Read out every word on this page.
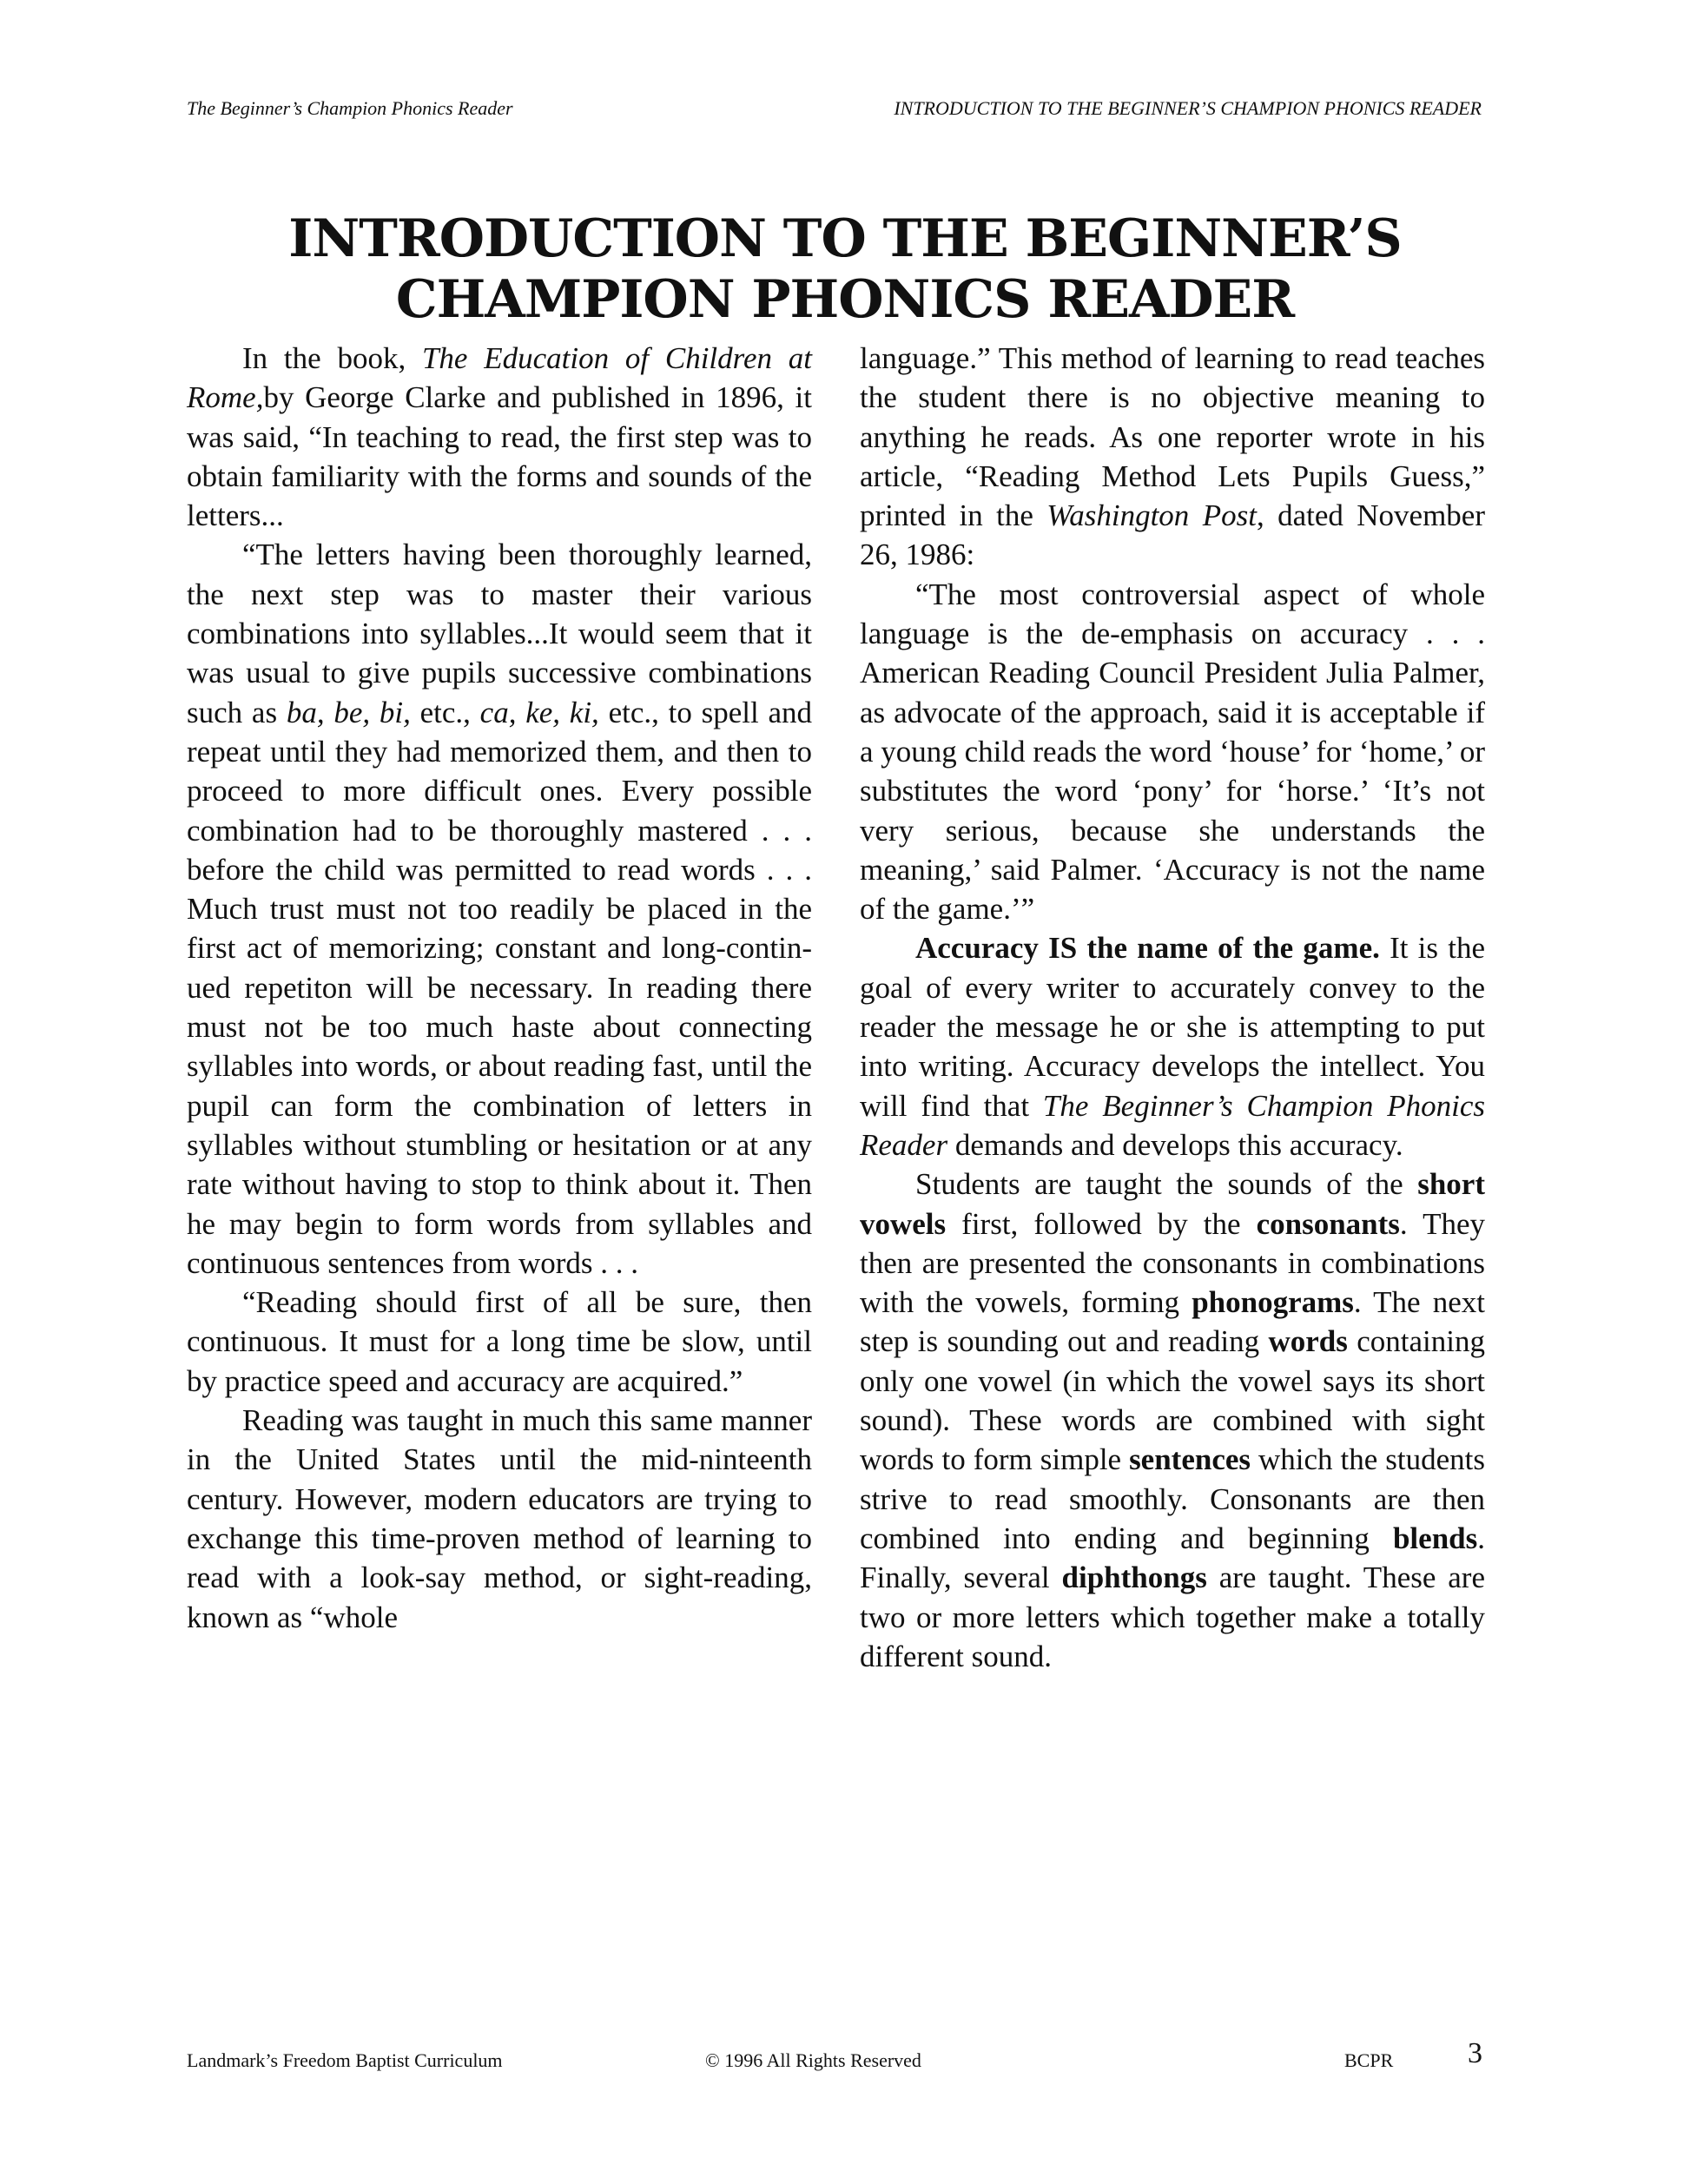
The Beginner’s Champion Phonics Reader	INTRODUCTION TO THE BEGINNER’S CHAMPION PHONICS READER
INTRODUCTION TO THE BEGINNER’S
CHAMPION PHONICS READER

In the book, The Education of Children at Rome,by George Clarke and published in 1896, it was said, “In teaching to read, the first step was to obtain familiarity with the forms and sounds of the letters...

“The letters having been thoroughly learned, the next step was to master their various combinations into syllables...It would seem that it was usual to give pupils successive combinations such as ba, be, bi, etc., ca, ke, ki, etc., to spell and repeat until they had memorized them, and then to proceed to more difficult ones. Every possible combination had to be thoroughly mastered . . . before the child was permitted to read words . . . Much trust must not too readily be placed in the first act of memorizing; constant and long-continued repetiton will be necessary. In reading there must not be too much haste about connecting syllables into words, or about reading fast, until the pupil can form the combination of letters in syllables without stumbling or hesitation or at any rate without having to stop to think about it. Then he may begin to form words from syllables and continuous sentences from words . . .

“Reading should first of all be sure, then continuous. It must for a long time be slow, until by practice speed and accuracy are acquired.”

Reading was taught in much this same manner in the United States until the mid-ninteenth century. However, modern educators are trying to exchange this time-proven method of learning to read with a look-say method, or sight-reading, known as “whole

language.” This method of learning to read teaches the student there is no objective meaning to anything he reads. As one reporter wrote in his article, “Reading Method Lets Pupils Guess,” printed in the Washington Post, dated November 26, 1986:

“The most controversial aspect of whole language is the de-emphasis on accuracy . . . American Reading Council President Julia Palmer, as advocate of the approach, said it is acceptable if a young child reads the word ‘house’ for ‘home,’ or substitutes the word ‘pony’ for ‘horse.’ ‘It’s not very serious, because she understands the meaning,’ said Palmer. ‘Accuracy is not the name of the game.’”

Accuracy IS the name of the game. It is the goal of every writer to accurately convey to the reader the message he or she is attempting to put into writing. Accuracy develops the intellect. You will find that The Beginner’s Champion Phonics Reader demands and develops this accuracy.

Students are taught the sounds of the short vowels first, followed by the consonants. They then are presented the consonants in combinations with the vowels, forming phonograms. The next step is sounding out and reading words containing only one vowel (in which the vowel says its short sound). These words are combined with sight words to form simple sentences which the students strive to read smoothly. Consonants are then combined into ending and beginning blends. Finally, several diphthongs are taught. These are two or more letters which together make a totally different sound.

Landmark’s Freedom Baptist Curriculum	© 1996 All Rights Reserved	BCPR	3
